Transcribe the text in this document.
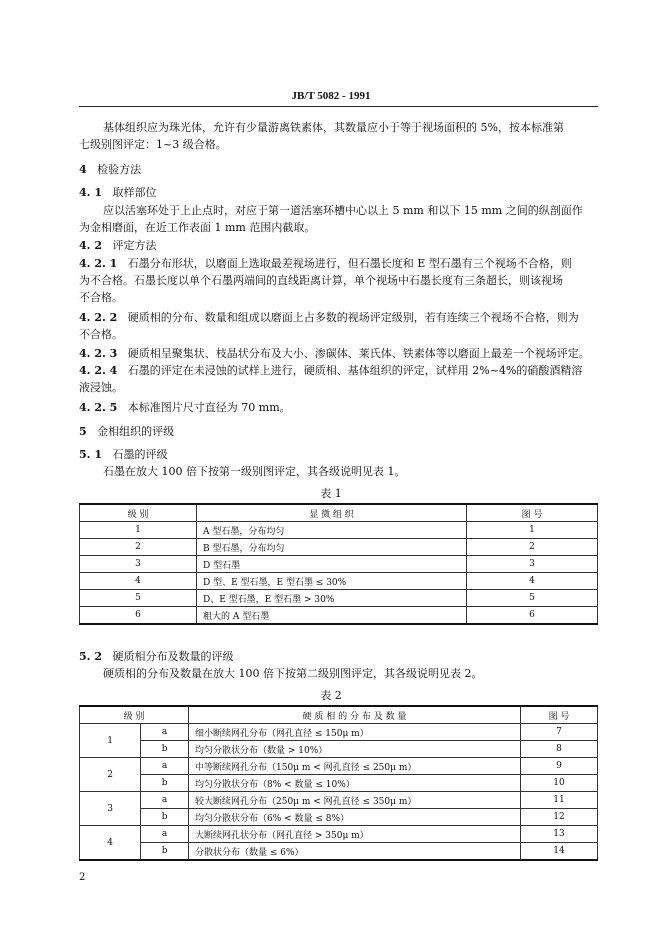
JB/T 5082 - 1991
基体组织应为珠光体，允许有少量游离铁素体，其数量应小于等于视场面积的 5%，按本标准第
七级别图评定：1~3 级合格。
4 检验方法
4. 1 取样部位
应以活塞环处于上止点时，对应于第一道活塞环槽中心以上 5 mm 和以下 15 mm 之间的纵剖面作
为金相磨面，在近工作表面 1 mm 范围内截取。
4. 2 评定方法
4. 2. 1 石墨分布形状，以磨面上选取最差视场进行，但石墨长度和 E 型石墨有三个视场不合格，则
为不合格。石墨长度以单个石墨两端间的直线距离计算，单个视场中石墨长度有三条超长，则该视场
不合格。
4. 2. 2 硬质相的分布、数量和组成以磨面上占多数的视场评定级别，若有连续三个视场不合格，则为
不合格。
4. 2. 3 硬质相呈聚集状、枝晶状分布及大小、渗碳体、莱氏体、铁素体等以磨面上最差一个视场评定。
4. 2. 4 石墨的评定在未浸蚀的试样上进行，硬质相、基体组织的评定，试样用 2%~4%的硝酸酒精溶
液浸蚀。
4. 2. 5 本标准图片尺寸直径为 70 mm。
5 金相组织的评级
5. 1 石墨的评级
石墨在放大 100 倍下按第一级别图评定，其各级说明见表 1。
表 1
级 别	显 微 组 织	图 号
1	A 型石墨，分布均匀	1
2	B 型石墨，分布均匀	2
3	D 型石墨	3
4	D 型、E 型石墨，E 型石墨 ≤ 30%	4
5	D、E 型石墨，E 型石墨 > 30%	5
6	粗大的 A 型石墨	6
5. 2 硬质相分布及数量的评级
硬质相的分布及数量在放大 100 倍下按第二级别图评定，其各级说明见表 2。
表 2
级 别		硬 质 相 的 分 布 及 数 量	图 号
1	a	细小断续网孔分布（网孔直径 ≤ 150μ m）	7
	b	均匀分散状分布（数量 > 10%）	8
2	a	中等断续网孔分布（150μ m < 网孔直径 ≤ 250μ m）	9
	b	均匀分散状分布（8% < 数量 ≤ 10%）	10
3	a	较大断续网孔分布（250μ m < 网孔直径 ≤ 350μ m）	11
	b	均匀分散状分布（6% < 数量 ≤ 8%）	12
4	a	大断续网孔状分布（网孔直径 > 350μ m）	13
	b	分散状分布（数量 ≤ 6%）	14
2
